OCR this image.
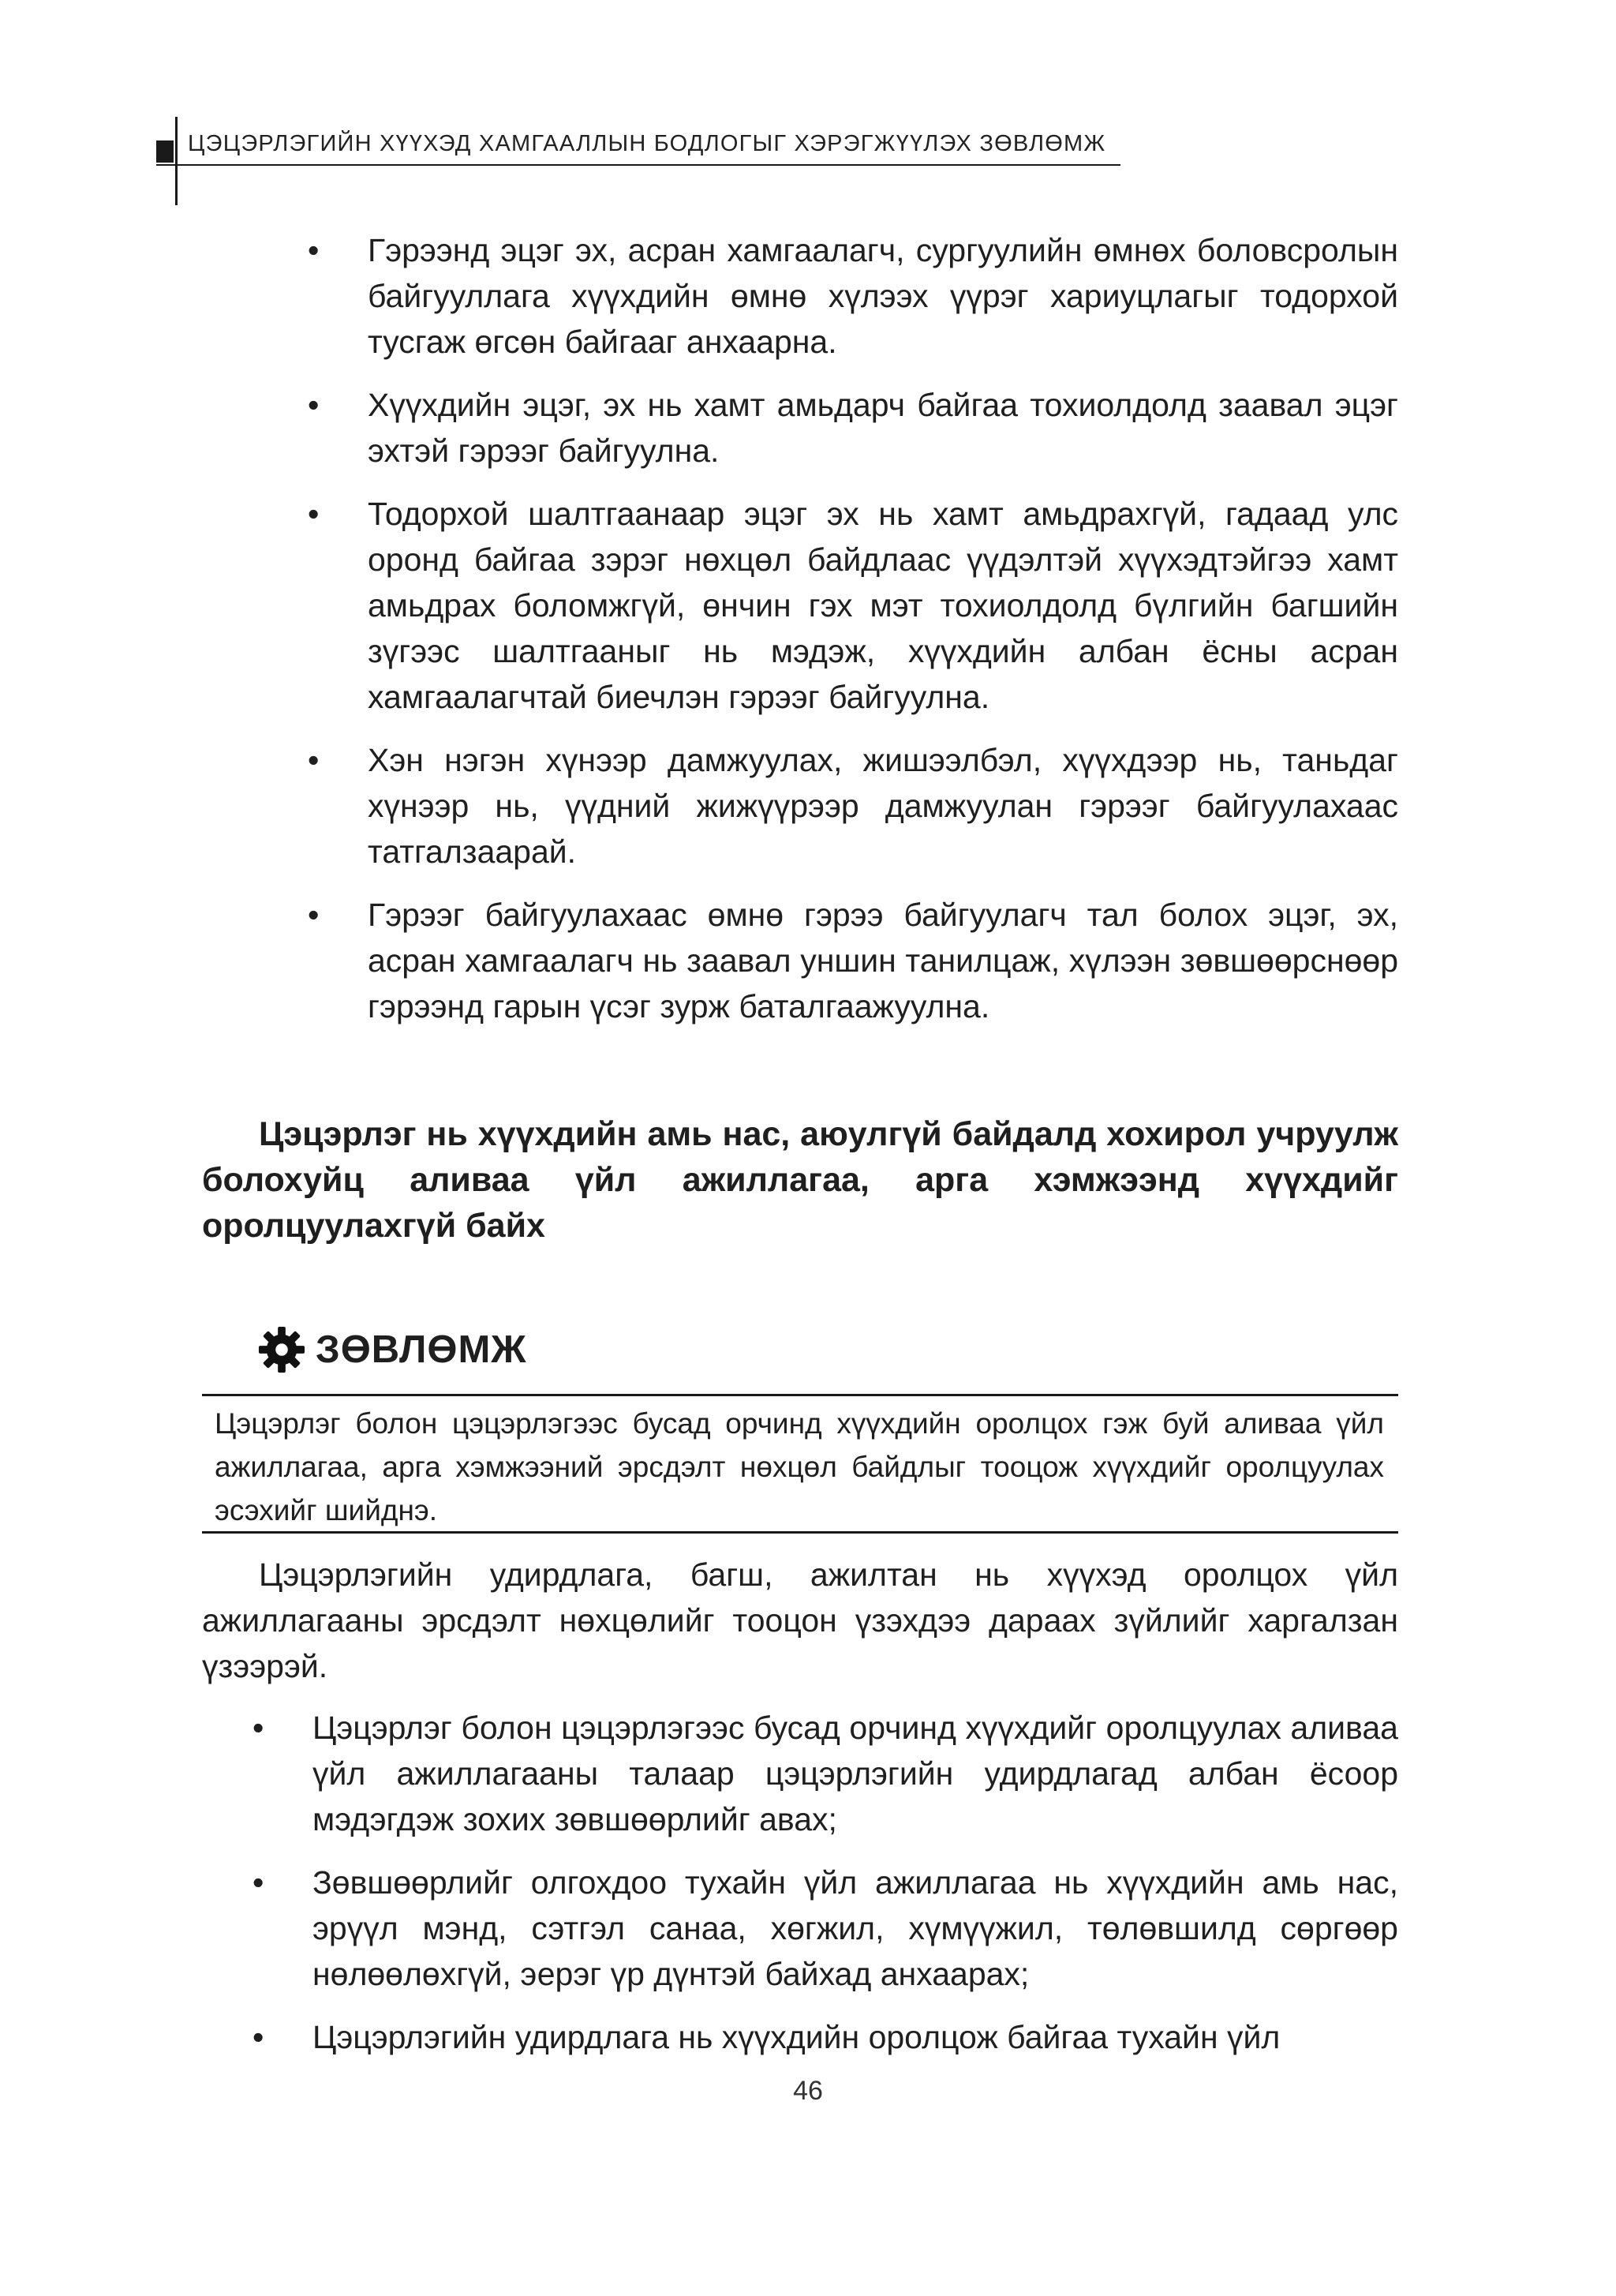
ЦЭЦЭРЛЭГИЙН ХҮҮХЭД ХАМГААЛЛЫН БОДЛОГЫГ ХЭРЭГЖҮҮЛЭХ ЗӨВЛӨМЖ
• Гэрээнд эцэг эх, асран хамгаалагч, сургуулийн өмнөх боловсролын байгууллага хүүхдийн өмнө хүлээх үүрэг хариуцлагыг тодорхой тусгаж өгсөн байгааг анхаарна.
• Хүүхдийн эцэг, эх нь хамт амьдарч байгаа тохиолдолд заавал эцэг эхтэй гэрээг байгуулна.
• Тодорхой шалтгаанаар эцэг эх нь хамт амьдрахгүй, гадаад улс оронд байгаа зэрэг нөхцөл байдлаас үүдэлтэй хүүхэдтэйгээ хамт амьдрах боломжгүй, өнчин гэх мэт тохиолдолд бүлгийн багшийн зүгээс шалтгааныг нь мэдэж, хүүхдийн албан ёсны асран хамгаалагчтай биечлэн гэрээг байгуулна.
• Хэн нэгэн хүнээр дамжуулах, жишээлбэл, хүүхдээр нь, таньдаг хүнээр нь, үүдний жижүүрээр дамжуулан гэрээг байгуулахаас татгалзаарай.
• Гэрээг байгуулахаас өмнө гэрээ байгуулагч тал болох эцэг, эх, асран хамгаалагч нь заавал уншин танилцаж, хүлээн зөвшөөрснөөр гэрээнд гарын үсэг зурж баталгаажуулна.

Цэцэрлэг нь хүүхдийн амь нас, аюулгүй байдалд хохирол учруулж болохуйц аливаа үйл ажиллагаа, арга хэмжээнд хүүхдийг оролцуулахгүй байх

ЗӨВЛӨМЖ

Цэцэрлэг болон цэцэрлэгээс бусад орчинд хүүхдийн оролцох гэж буй аливаа үйл ажиллагаа, арга хэмжээний эрсдэлт нөхцөл байдлыг тооцож хүүхдийг оролцуулах эсэхийг шийднэ.

Цэцэрлэгийн удирдлага, багш, ажилтан нь хүүхэд оролцох үйл ажиллагааны эрсдэлт нөхцөлийг тооцон үзэхдээ дараах зүйлийг харгалзан үзээрэй.

• Цэцэрлэг болон цэцэрлэгээс бусад орчинд хүүхдийг оролцуулах аливаа үйл ажиллагааны талаар цэцэрлэгийн удирдлагад албан ёсоор мэдэгдэж зохих зөвшөөрлийг авах;
• Зөвшөөрлийг олгохдоо тухайн үйл ажиллагаа нь хүүхдийн амь нас, эрүүл мэнд, сэтгэл санаа, хөгжил, хүмүүжил, төлөвшилд сөргөөр нөлөөлөхгүй, эерэг үр дүнтэй байхад анхаарах;
• Цэцэрлэгийн удирдлага нь хүүхдийн оролцож байгаа тухайн үйл
46
